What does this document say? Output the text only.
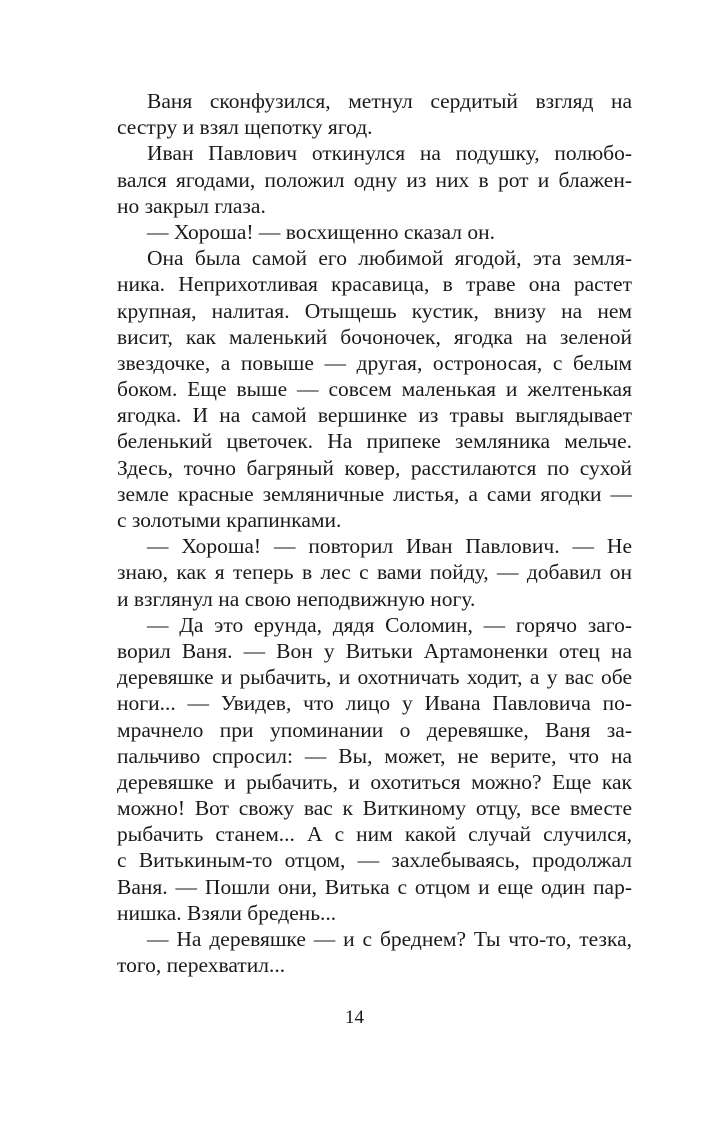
Ваня сконфузился, метнул сердитый взгляд на
сестру и взял щепотку ягод.
Иван Павлович откинулся на подушку, полюбо-
вался ягодами, положил одну из них в рот и блажен-
но закрыл глаза.
— Хороша! — восхищенно сказал он.
Она была самой его любимой ягодой, эта земля-
ника. Неприхотливая красавица, в траве она растет
крупная, налитая. Отыщешь кустик, внизу на нем
висит, как маленький бочоночек, ягодка на зеленой
звездочке, а повыше — другая, остроносая, с белым
боком. Еще выше — совсем маленькая и желтенькая
ягодка. И на самой вершинке из травы выглядывает
беленький цветочек. На припеке земляника мельче.
Здесь, точно багряный ковер, расстилаются по сухой
земле красные земляничные листья, а сами ягодки —
с золотыми крапинками.
— Хороша! — повторил Иван Павлович. — Не
знаю, как я теперь в лес с вами пойду, — добавил он
и взглянул на свою неподвижную ногу.
— Да это ерунда, дядя Соломин, — горячо заго-
ворил Ваня. — Вон у Витьки Артамоненки отец на
деревяшке и рыбачить, и охотничать ходит, а у вас обе
ноги... — Увидев, что лицо у Ивана Павловича по-
мрачнело при упоминании о деревяшке, Ваня за-
пальчиво спросил: — Вы, может, не верите, что на
деревяшке и рыбачить, и охотиться можно? Еще как
можно! Вот свожу вас к Виткиному отцу, все вместе
рыбачить станем... А с ним какой случай случился,
с Витькиным-то отцом, — захлебываясь, продолжал
Ваня. — Пошли они, Витька с отцом и еще один пар-
нишка. Взяли бредень...
— На деревяшке — и с бреднем? Ты что-то, тезка,
того, перехватил...
14
